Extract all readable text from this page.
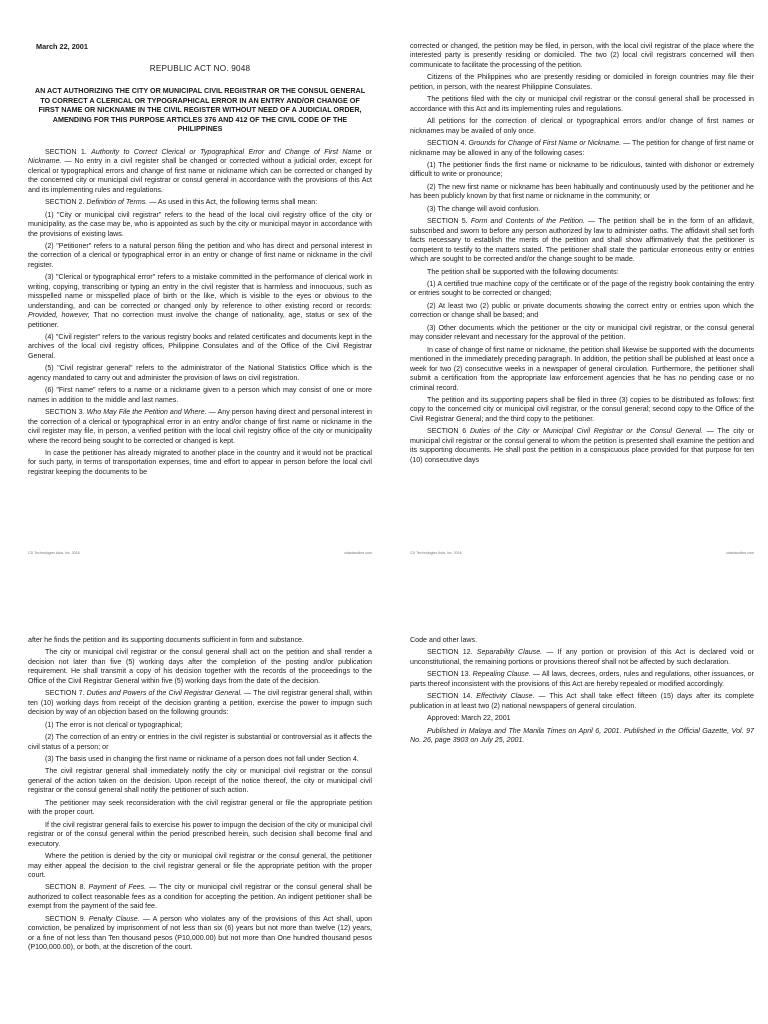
March 22, 2001
REPUBLIC ACT NO. 9048
AN ACT AUTHORIZING THE CITY OR MUNICIPAL CIVIL REGISTRAR OR THE CONSUL GENERAL TO CORRECT A CLERICAL OR TYPOGRAPHICAL ERROR IN AN ENTRY AND/OR CHANGE OF FIRST NAME OR NICKNAME IN THE CIVIL REGISTER WITHOUT NEED OF A JUDICIAL ORDER, AMENDING FOR THIS PURPOSE ARTICLES 376 AND 412 OF THE CIVIL CODE OF THE PHILIPPINES

SECTION 1. Authority to Correct Clerical or Typographical Error and Change of First Name or Nickname. — No entry in a civil register shall be changed or corrected without a judicial order, except for clerical or typographical errors and change of first name or nickname which can be corrected or changed by the concerned city or municipal civil registrar or consul general in accordance with the provisions of this Act and its implementing rules and regulations.

SECTION 2. Definition of Terms. — As used in this Act, the following terms shall mean:

(1) "City or municipal civil registrar" refers to the head of the local civil registry office of the city or municipality, as the case may be, who is appointed as such by the city or municipal mayor in accordance with the provisions of existing laws.

(2) "Petitioner" refers to a natural person filing the petition and who has direct and personal interest in the correction of a clerical or typographical error in an entry or change of first name or nickname in the civil register.

(3) "Clerical or typographical error" refers to a mistake committed in the performance of clerical work in writing, copying, transcribing or typing an entry in the civil register that is harmless and innocuous, such as misspelled name or misspelled place of birth or the like, which is visible to the eyes or obvious to the understanding, and can be corrected or changed only by reference to other existing record or records: Provided, however, That no correction must involve the change of nationality, age, status or sex of the petitioner.

(4) "Civil register" refers to the various registry books and related certificates and documents kept in the archives of the local civil registry offices, Philippine Consulates and of the Office of the Civil Registrar General.

(5) "Civil registrar general" refers to the administrator of the National Statistics Office which is the agency mandated to carry out and administer the provision of laws on civil registration.

(6) "First name" refers to a name or a nickname given to a person which may consist of one or more names in addition to the middle and last names.

SECTION 3. Who May File the Petition and Where. — Any person having direct and personal interest in the correction of a clerical or typographical error in an entry and/or change of first name or nickname in the civil register may file, in person, a verified petition with the local civil registry office of the city or municipality where the record being sought to be corrected or changed is kept.

In case the petitioner has already migrated to another place in the country and it would not be practical for such party, in terms of transportation expenses, time and effort to appear in person before the local civil registrar keeping the documents to be

CD Technologies Asia, Inc. 2016	cdasiaonline.com

corrected or changed, the petition may be filed, in person, with the local civil registrar of the place where the interested party is presently residing or domiciled. The two (2) local civil registrars concerned will then communicate to facilitate the processing of the petition.

Citizens of the Philippines who are presently residing or domiciled in foreign countries may file their petition, in person, with the nearest Philippine Consulates.

The petitions filed with the city or municipal civil registrar or the consul general shall be processed in accordance with this Act and its implementing rules and regulations.

All petitions for the correction of clerical or typographical errors and/or change of first names or nicknames may be availed of only once.

SECTION 4. Grounds for Change of First Name or Nickname. — The petition for change of first name or nickname may be allowed in any of the following cases:

(1) The petitioner finds the first name or nickname to be ridiculous, tainted with dishonor or extremely difficult to write or pronounce;

(2) The new first name or nickname has been habitually and continuously used by the petitioner and he has been publicly known by that first name or nickname in the community; or

(3) The change will avoid confusion.

SECTION 5. Form and Contents of the Petition. — The petition shall be in the form of an affidavit, subscribed and sworn to before any person authorized by law to administer oaths. The affidavit shall set forth facts necessary to establish the merits of the petition and shall show affirmatively that the petitioner is competent to testify to the matters stated. The petitioner shall state the particular erroneous entry or entries which are sought to be corrected and/or the change sought to be made.

The petition shall be supported with the following documents:

(1) A certified true machine copy of the certificate or of the page of the registry book containing the entry or entries sought to be corrected or changed;

(2) At least two (2) public or private documents showing the correct entry or entries upon which the correction or change shall be based; and

(3) Other documents which the petitioner or the city or municipal civil registrar, or the consul general may consider relevant and necessary for the approval of the petition.

In case of change of first name or nickname, the petition shall likewise be supported with the documents mentioned in the immediately preceding paragraph. In addition, the petition shall be published at least once a week for two (2) consecutive weeks in a newspaper of general circulation. Furthermore, the petitioner shall submit a certification from the appropriate law enforcement agencies that he has no pending case or no criminal record.

The petition and its supporting papers shall be filed in three (3) copies to be distributed as follows: first copy to the concerned city or municipal civil registrar, or the consul general; second copy to the Office of the Civil Registrar General; and the third copy to the petitioner.

SECTION 6 Duties of the City or Municipal Civil Registrar or the Consul General. — The city or municipal civil registrar or the consul general to whom the petition is presented shall examine the petition and its supporting documents. He shall post the petition in a conspicuous place provided for that purpose for ten (10) consecutive days

CD Technologies Asia, Inc. 2016	cdasiaonline.com

after he finds the petition and its supporting documents sufficient in form and substance.

The city or municipal civil registrar or the consul general shall act on the petition and shall render a decision not later than five (5) working days after the completion of the posting and/or publication requirement. He shall transmit a copy of his decision together with the records of the proceedings to the Office of the Civil Registrar General within five (5) working days from the date of the decision.

SECTION 7. Duties and Powers of the Civil Registrar General. — The civil registrar general shall, within ten (10) working days from receipt of the decision granting a petition, exercise the power to impugn such decision by way of an objection based on the following grounds:

(1) The error is not clerical or typographical;

(2) The correction of an entry or entries in the civil register is substantial or controversial as it affects the civil status of a person; or

(3) The basis used in changing the first name or nickname of a person does not fall under Section 4.

The civil registrar general shall immediately notify the city or municipal civil registrar or the consul general of the action taken on the decision. Upon receipt of the notice thereof, the city or municipal civil registrar or the consul general shall notify the petitioner of such action.

The petitioner may seek reconsideration with the civil registrar general or file the appropriate petition with the proper court.

If the civil registrar general fails to exercise his power to impugn the decision of the city or municipal civil registrar or of the consul general within the period prescribed herein, such decision shall become final and executory.

Where the petition is denied by the city or municipal civil registrar or the consul general, the petitioner may either appeal the decision to the civil registrar general or file the appropriate petition with the proper court.

SECTION 8. Payment of Fees. — The city or municipal civil registrar or the consul general shall be authorized to collect reasonable fees as a condition for accepting the petition. An indigent petitioner shall be exempt from the payment of the said fee.

SECTION 9. Penalty Clause. — A person who violates any of the provisions of this Act shall, upon conviction, be penalized by imprisonment of not less than six (6) years but not more than twelve (12) years, or a fine of not less than Ten thousand pesos (P10,000.00) but not more than One hundred thousand pesos (P100,000.00), or both, at the discretion of the court.

Code and other laws.

SECTION 12. Separability Clause. — If any portion or provision of this Act is declared void or unconstitutional, the remaining portions or provisions thereof shall not be affected by such declaration.

SECTION 13. Repealing Clause. — All laws, decrees, orders, rules and regulations, other issuances, or parts thereof inconsistent with the provisions of this Act are hereby repealed or modified accordingly.

SECTION 14. Effectivity Clause. — This Act shall take effect fifteen (15) days after its complete publication in at least two (2) national newspapers of general circulation.

Approved: March 22, 2001

Published in Malaya and The Manila Times on April 6, 2001. Published in the Official Gazette, Vol. 97 No. 26, page 3903 on July 25, 2001.
